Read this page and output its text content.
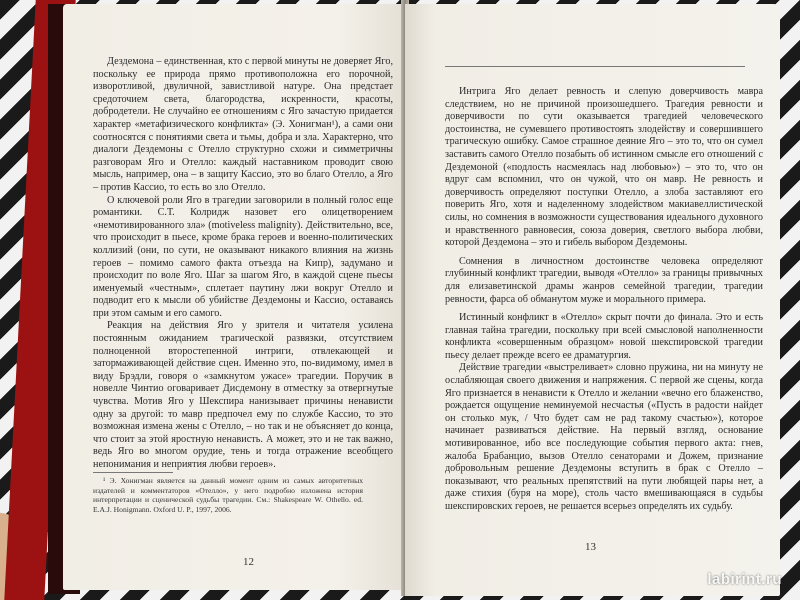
Дездемона – единственная, кто с первой минуты не доверяет Яго, поскольку ее природа прямо противоположна его порочной, изворотливой, двуличной, завистливой натуре. Она предстает средоточием света, благородства, искренности, красоты, добродетели. Не случайно ее отношениям с Яго зачастую придается характер «метафизического конфликта» (Э. Хонигман¹), а сами они соотносятся с понятиями света и тьмы, добра и зла. Характерно, что диалоги Дездемоны с Отелло структурно схожи и симметричны разговорам Яго и Отелло: каждый наставником проводит свою мысль, например, она – в защиту Кассио, это во благо Отелло, а Яго – против Кассио, то есть во зло Отелло.

О ключевой роли Яго в трагедии заговорили в полный голос еще романтики. С.Т. Колридж назовет его олицетворением «немотивированного зла» (motiveless malignity). Действительно, все, что происходит в пьесе, кроме брака героев и военно-политических коллизий (они, по сути, не оказывают никакого влияния на жизнь героев – помимо самого факта отъезда на Кипр), задумано и происходит по воле Яго. Шаг за шагом Яго, в каждой сцене пьесы именуемый «честным», сплетает паутину лжи вокруг Отелло и подводит его к мысли об убийстве Дездемоны и Кассио, оставаясь при этом самым и его самого.

Реакция на действия Яго у зрителя и читателя усилена постоянным ожиданием трагической развязки, отсутствием полноценной второстепенной интриги, отвлекающей и затормаживающей действие сцен. Именно это, по-видимому, имел в виду Брэдли, говоря о «замкнутом ужасе» трагедии. Поручик в новелле Чинтио оговаривает Дисдемону в отместку за отвергнутые чувства. Мотив Яго у Шекспира нанизывает причины ненависти одну за другой: то мавр предпочел ему по службе Кассио, то это возможная измена жены с Отелло, – но так и не объясняет до конца, что стоит за этой яростную ненависть. А может, это и не так важно, ведь Яго во многом орудие, тень и тогда отражение всеобщего непонимания и неприятия любви героев».

¹ Э. Хонигман является на данный момент одним из самых авторитетных издателей и комментаторов «Отелло», у него подробно изложена история интерпретации и сценической судьбы трагедии. См.: Shakespeare W. Othello. ed. E.A.J. Honigmann. Oxford U. P., 1997, 2006.

12

Интрига Яго делает ревность и слепую доверчивость мавра следствием, но не причиной произошедшего. Трагедия ревности и доверчивости по сути оказывается трагедией человеческого достоинства, не сумевшего противостоять злодейству и совершившего трагическую ошибку. Самое страшное деяние Яго – это то, что он сумел заставить самого Отелло позабыть об истинном смысле его отношений с Дездемоной («подлость насмеялась над любовью») – это то, что он вдруг сам вспомнил, что он чужой, что он мавр. Не ревность и доверчивость определяют поступки Отелло, а злоба заставляют его поверить Яго, хотя и наделенному злодейством макиавеллистической силы, но сомнения в возможности существования идеального духовного и нравственного равновесия, союза доверия, светлого выбора любви, которой Дездемона – это и гибель выбором Дездемоны.

Сомнения в личностном достоинстве человека определяют глубинный конфликт трагедии, выводя «Отелло» за границы привычных для елизаветинской драмы жанров семейной трагедии, трагедии ревности, фарса об обманутом муже и морального примера.

Истинный конфликт в «Отелло» скрыт почти до финала. Это и есть главная тайна трагедии, поскольку при всей смысловой наполненности конфликта «совершенным образцом» новой шекспировской трагедии пьесу делает прежде всего ее драматургия.

Действие трагедии «выстреливает» словно пружина, ни на минуту не ослабляющая своего движения и напряжения. С первой же сцены, когда Яго признается в ненависти к Отелло и желании «вечно его блаженство, рождается ощущение неминуемой несчастья («Пусть в радости найдет он столько мук, / Что будет сам не рад такому счастью»), которое начинает развиваться действие. На первый взгляд, основание мотивированное, ибо все последующие события первого акта: гнев, жалоба Брабанцио, вызов Отелло сенаторами и Дожем, признание добровольным решение Дездемоны вступить в брак с Отелло – показывают, что реальных препятствий на пути любящей пары нет, а даже стихия (буря на море), столь часто вмешивающаяся в судьбы шекспировских героев, не решается всерьез определять их судьбу.

13
labirint.ru
